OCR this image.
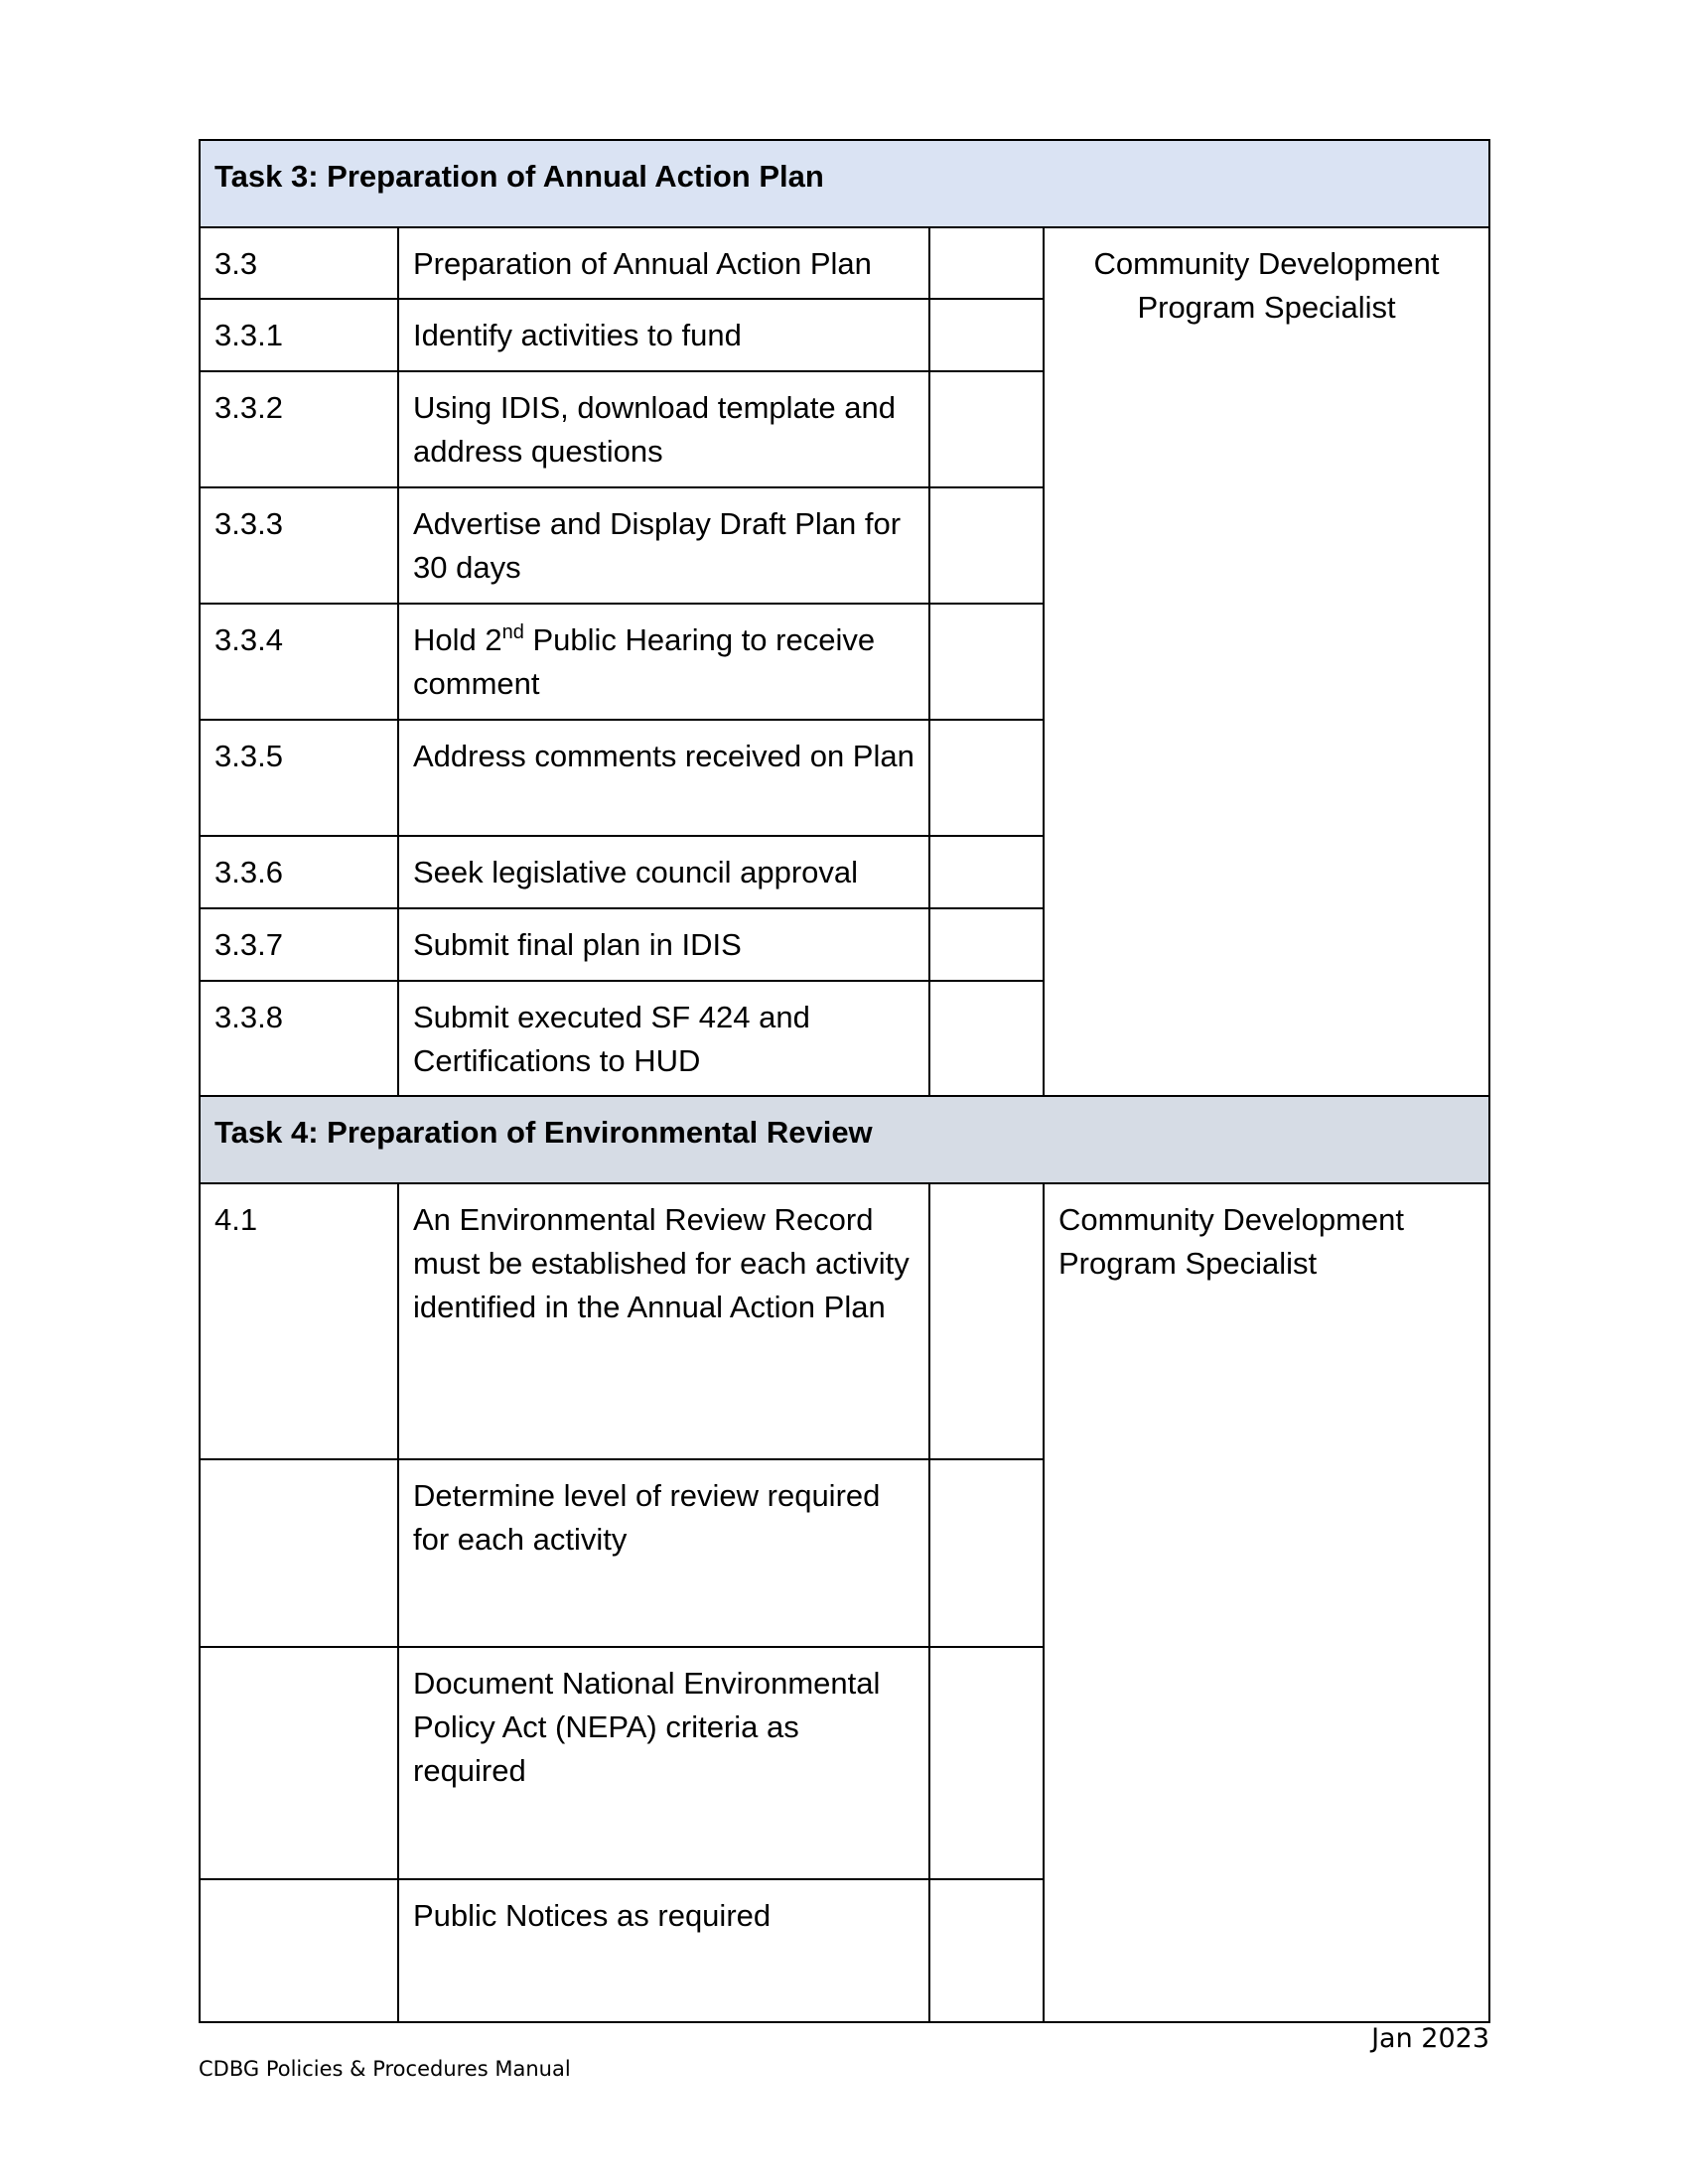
Task 3: Preparation of Annual Action Plan			

3.3	Preparation of Annual Action Plan		Community Development Program Specialist
3.3.1	Identify activities to fund		
3.3.2	Using IDIS, download template and address questions		
3.3.3	Advertise and Display Draft Plan for 30 days		
3.3.4	Hold 2nd Public Hearing to receive comment		
3.3.5	Address comments received on Plan		
3.3.6	Seek legislative council approval		
3.3.7	Submit final plan in IDIS		
3.3.8	Submit executed SF 424 and Certifications to HUD		

Task 4: Preparation of Environmental Review			

4.1	An Environmental Review Record must be established for each activity identified in the Annual Action Plan		Community Development Program Specialist
	Determine level of review required for each activity		
	Document National Environmental Policy Act (NEPA) criteria as required		
	Public Notices as required		
Jan 2023
CDBG Policies & Procedures Manual
